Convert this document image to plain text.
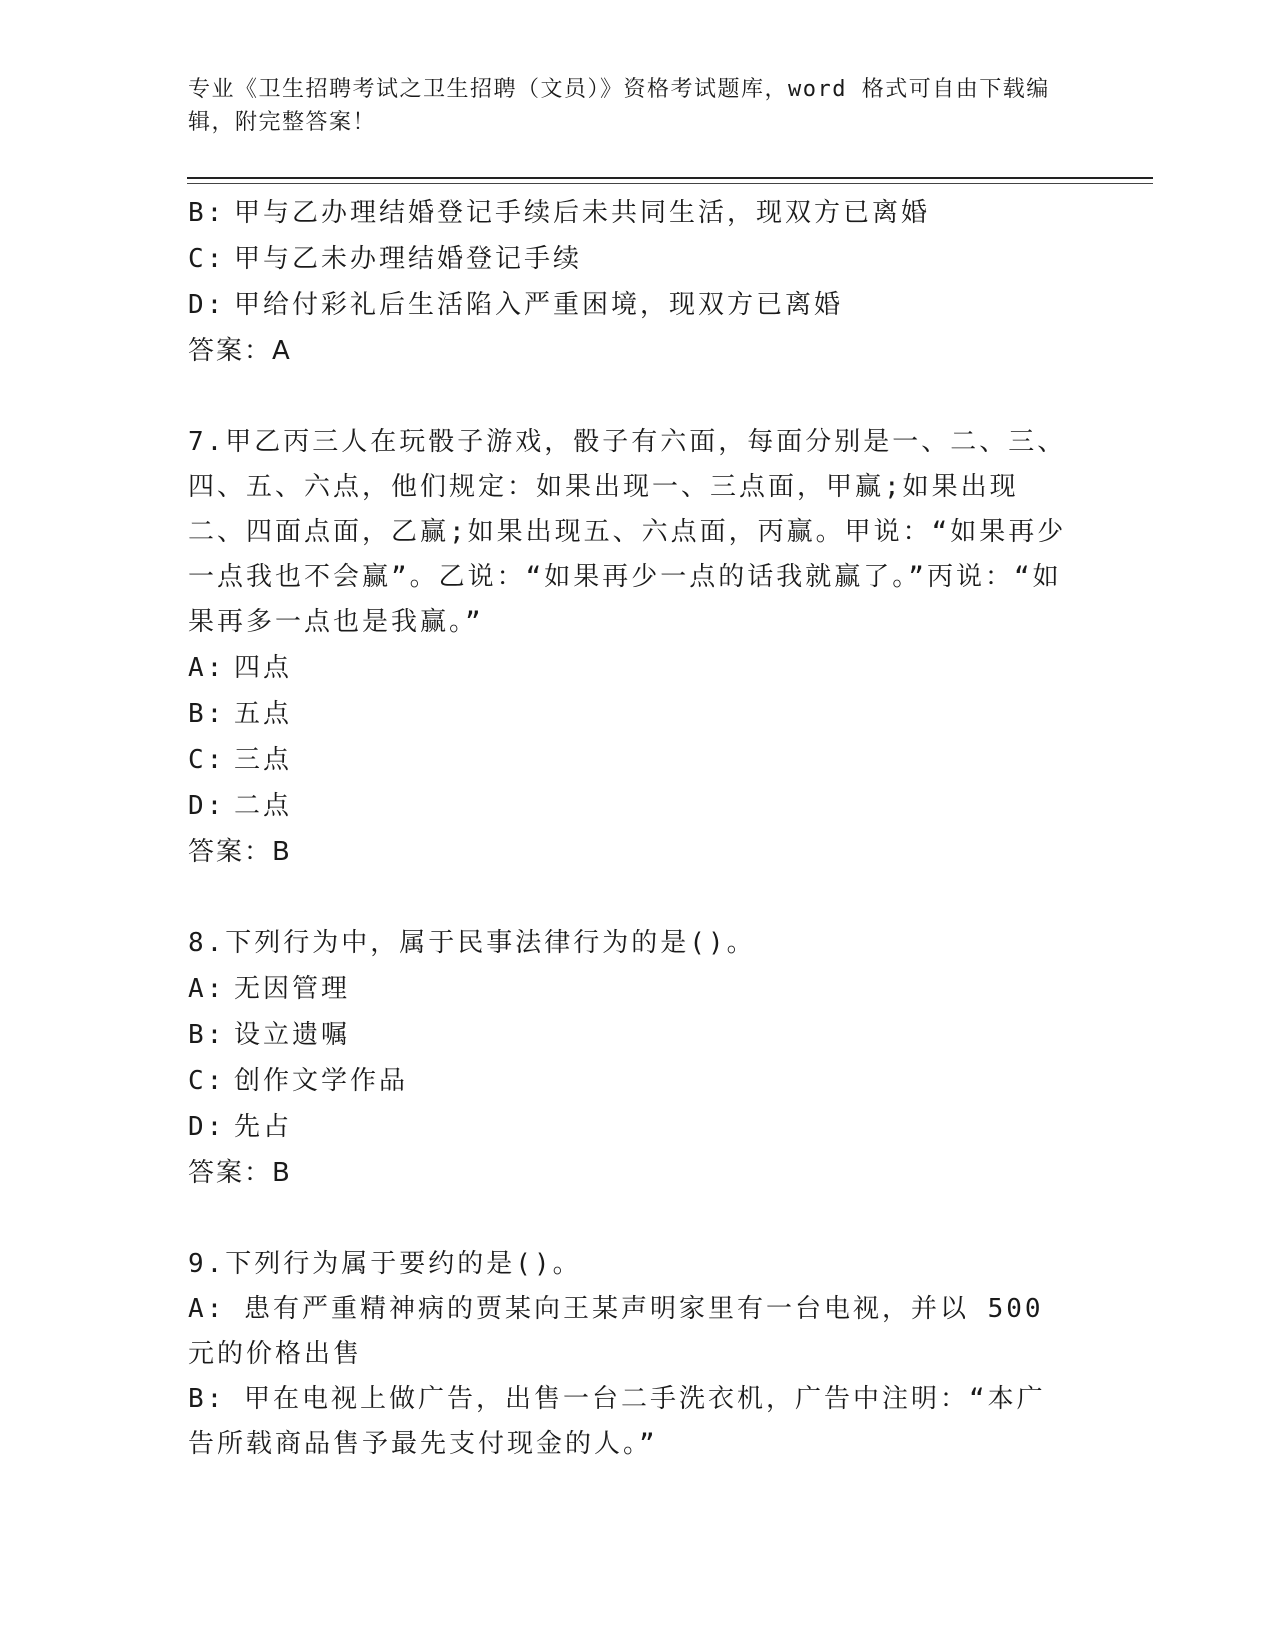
专业《卫生招聘考试之卫生招聘（文员）》资格考试题库，word 格式可自由下载编辑，附完整答案！
B: 甲与乙办理结婚登记手续后未共同生活，现双方已离婚
C: 甲与乙未办理结婚登记手续
D: 甲给付彩礼后生活陷入严重困境，现双方已离婚
答案：A
7.甲乙丙三人在玩骰子游戏，骰子有六面，每面分别是一、二、三、四、五、六点，他们规定：如果出现一、三点面，甲赢;如果出现二、四面点面，乙赢;如果出现五、六点面，丙赢。甲说：“如果再少一点我也不会赢”。乙说：“如果再少一点的话我就赢了。”丙说：“如果再多一点也是我赢。”
A: 四点
B: 五点
C: 三点
D: 二点
答案：B
8.下列行为中，属于民事法律行为的是()。
A: 无因管理
B: 设立遗嘱
C: 创作文学作品
D: 先占
答案：B
9.下列行为属于要约的是()。
A: 患有严重精神病的贾某向王某声明家里有一台电视，并以 500 元的价格出售
B: 甲在电视上做广告，出售一台二手洗衣机，广告中注明：“本广告所载商品售予最先支付现金的人。”
